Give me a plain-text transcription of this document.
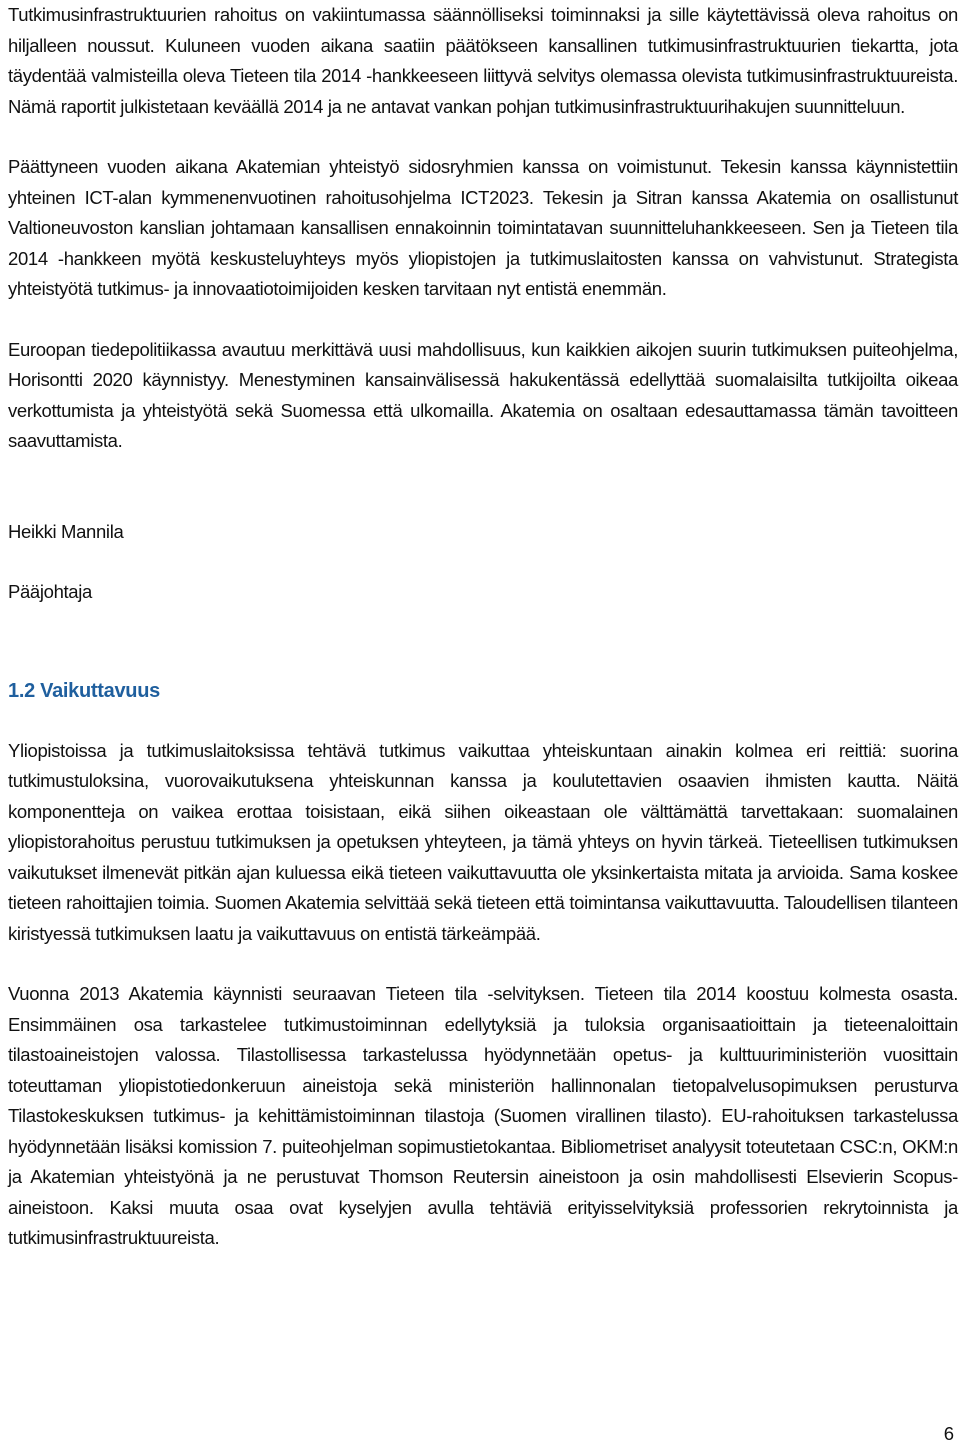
Tutkimusinfrastruktuurien rahoitus on vakiintumassa säännölliseksi toiminnaksi ja sille käytettävissä oleva rahoitus on hiljalleen noussut. Kuluneen vuoden aikana saatiin päätökseen kansallinen tutkimusinfrastruktuurien tiekartta, jota täydentää valmisteilla oleva Tieteen tila 2014 -hankkeeseen liittyvä selvitys olemassa olevista tutkimusinfrastruktuureista. Nämä raportit julkistetaan keväällä 2014 ja ne antavat vankan pohjan tutkimusinfrastruktuurihakujen suunnitteluun.

Päättyneen vuoden aikana Akatemian yhteistyö sidosryhmien kanssa on voimistunut. Tekesin kanssa käynnistettiin yhteinen ICT-alan kymmenenvuotinen rahoitusohjelma ICT2023. Tekesin ja Sitran kanssa Akatemia on osallistunut Valtioneuvoston kanslian johtamaan kansallisen ennakoinnin toimintatavan suunnitteluhankkeeseen. Sen ja Tieteen tila 2014 -hankkeen myötä keskusteluyhteys myös yliopistojen ja tutkimuslaitosten kanssa on vahvistunut. Strategista yhteistyötä tutkimus- ja innovaatiotoimijoiden kesken tarvitaan nyt entistä enemmän.

Euroopan tiedepolitiikassa avautuu merkittävä uusi mahdollisuus, kun kaikkien aikojen suurin tutkimuksen puiteohjelma, Horisontti 2020 käynnistyy. Menestyminen kansainvälisessä hakukentässä edellyttää suomalaisilta tutkijoilta oikeaa verkottumista ja yhteistyötä sekä Suomessa että ulkomailla. Akatemia on osaltaan edesauttamassa tämän tavoitteen saavuttamista.

Heikki Mannila

Pääjohtaja

1.2 Vaikuttavuus

Yliopistoissa ja tutkimuslaitoksissa tehtävä tutkimus vaikuttaa yhteiskuntaan ainakin kolmea eri reittiä: suorina tutkimustuloksina, vuorovaikutuksena yhteiskunnan kanssa ja koulutettavien osaavien ihmisten kautta. Näitä komponentteja on vaikea erottaa toisistaan, eikä siihen oikeastaan ole välttämättä tarvettakaan: suomalainen yliopistorahoitus perustuu tutkimuksen ja opetuksen yhteyteen, ja tämä yhteys on hyvin tärkeä. Tieteellisen tutkimuksen vaikutukset ilmenevät pitkän ajan kuluessa eikä tieteen vaikuttavuutta ole yksinkertaista mitata ja arvioida. Sama koskee tieteen rahoittajien toimia. Suomen Akatemia selvittää sekä tieteen että toimintansa vaikuttavuutta. Taloudellisen tilanteen kiristyessä tutkimuksen laatu ja vaikuttavuus on entistä tärkeämpää.

Vuonna 2013 Akatemia käynnisti seuraavan Tieteen tila -selvityksen. Tieteen tila 2014 koostuu kolmesta osasta. Ensimmäinen osa tarkastelee tutkimustoiminnan edellytyksiä ja tuloksia organisaatioittain ja tieteenaloittain tilastoaineistojen valossa. Tilastollisessa tarkastelussa hyödynnetään opetus- ja kulttuuriministeriön vuosittain toteuttaman yliopistotiedonkeruun aineistoja sekä ministeriön hallinnonalan tietopalvelusopimuksen perusturva Tilastokeskuksen tutkimus- ja kehittämistoiminnan tilastoja (Suomen virallinen tilasto). EU-rahoituksen tarkastelussa hyödynnetään lisäksi komission 7. puiteohjelman sopimustietokantaa. Bibliometriset analyysit toteutetaan CSC:n, OKM:n ja Akatemian yhteistyönä ja ne perustuvat Thomson Reutersin aineistoon ja osin mahdollisesti Elsevierin Scopus-aineistoon. Kaksi muuta osaa ovat kyselyjen avulla tehtäviä erityisselvityksiä professorien rekrytoinnista ja tutkimusinfrastruktuureista.

6
